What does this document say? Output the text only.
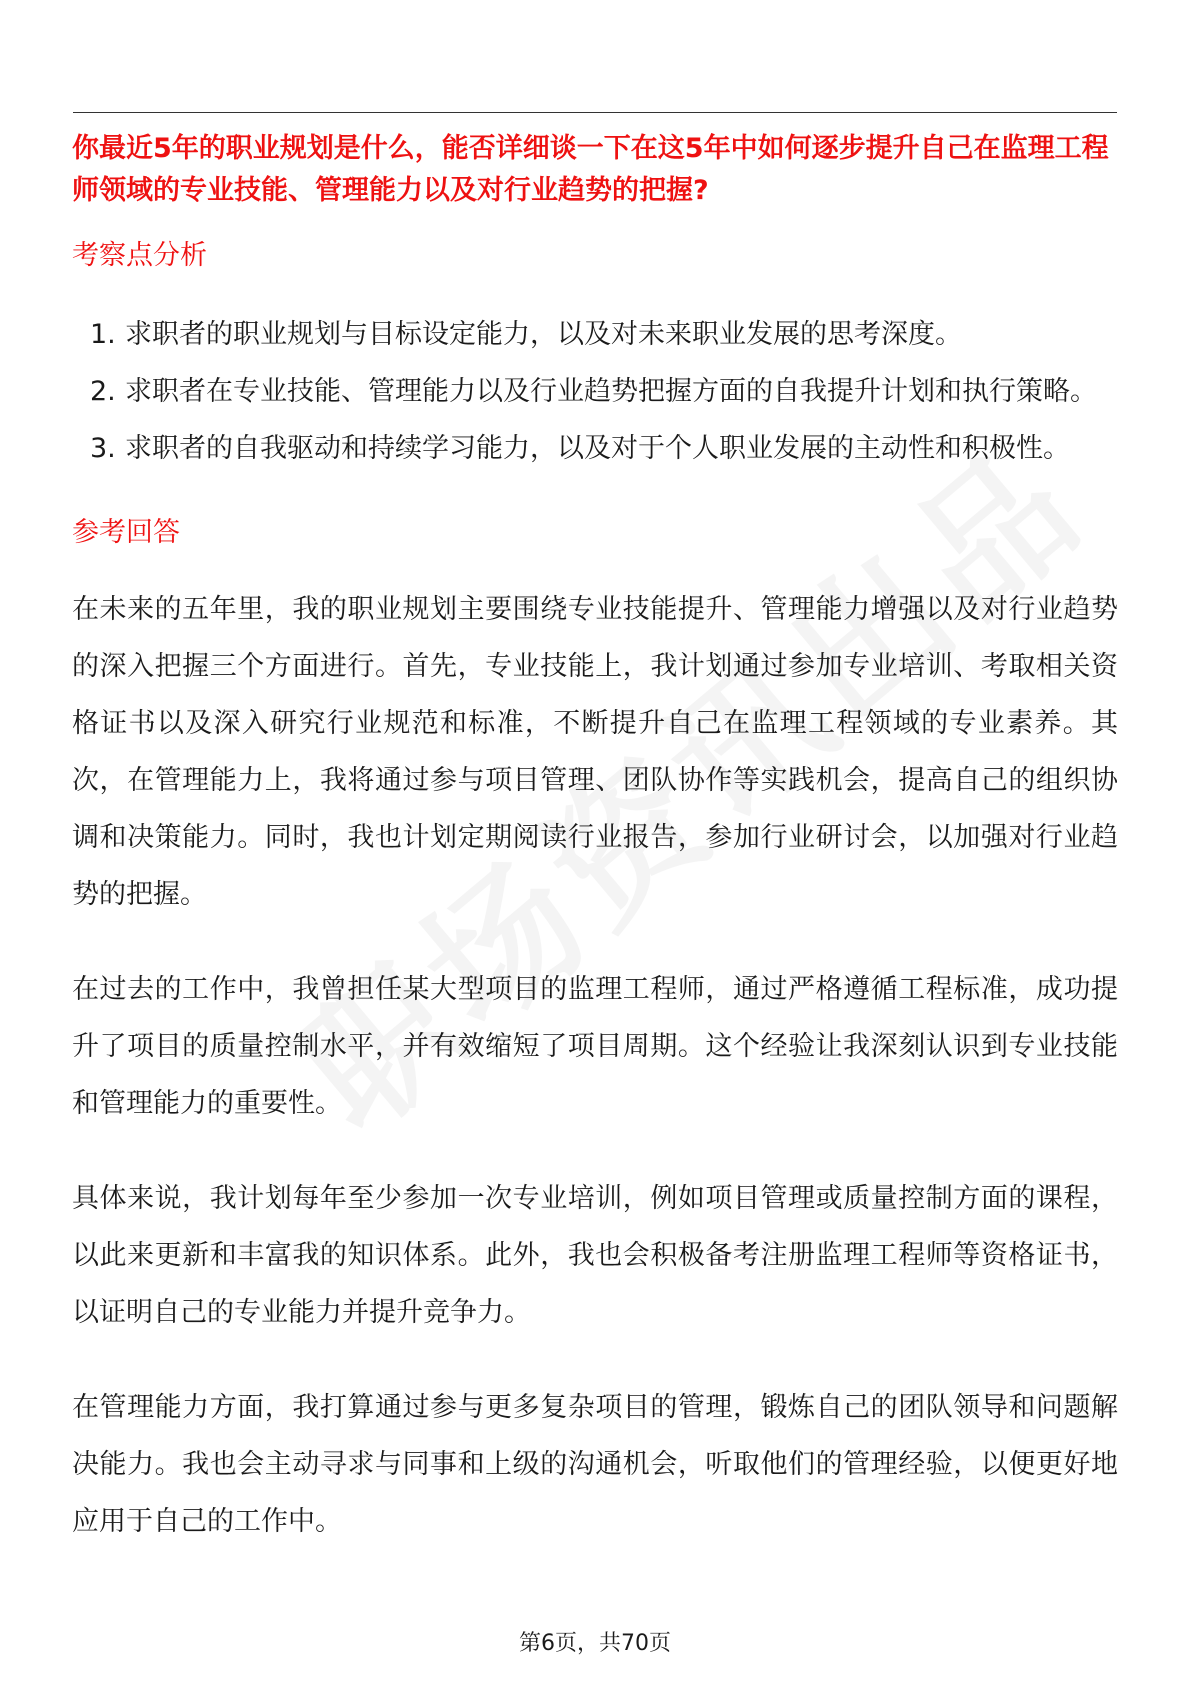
你最近5年的职业规划是什么，能否详细谈一下在这5年中如何逐步提升自己在监理工程师领域的专业技能、管理能力以及对行业趋势的把握?

考察点分析
1. 求职者的职业规划与目标设定能力，以及对未来职业发展的思考深度。
2. 求职者在专业技能、管理能力以及行业趋势把握方面的自我提升计划和执行策略。
3. 求职者的自我驱动和持续学习能力，以及对于个人职业发展的主动性和积极性。
参考回答

在未来的五年里，我的职业规划主要围绕专业技能提升、管理能力增强以及对行业趋势的深入把握三个方面进行。首先，专业技能上，我计划通过参加专业培训、考取相关资格证书以及深入研究行业规范和标准，不断提升自己在监理工程领域的专业素养。其次，在管理能力上，我将通过参与项目管理、团队协作等实践机会，提高自己的组织协调和决策能力。同时，我也计划定期阅读行业报告，参加行业研讨会，以加强对行业趋势的把握。

在过去的工作中，我曾担任某大型项目的监理工程师，通过严格遵循工程标准，成功提升了项目的质量控制水平，并有效缩短了项目周期。这个经验让我深刻认识到专业技能和管理能力的重要性。

具体来说，我计划每年至少参加一次专业培训，例如项目管理或质量控制方面的课程，以此来更新和丰富我的知识体系。此外，我也会积极备考注册监理工程师等资格证书，以证明自己的专业能力并提升竞争力。

在管理能力方面，我打算通过参与更多复杂项目的管理，锻炼自己的团队领导和问题解决能力。我也会主动寻求与同事和上级的沟通机会，听取他们的管理经验，以便更好地应用于自己的工作中。

第6页，共70页
